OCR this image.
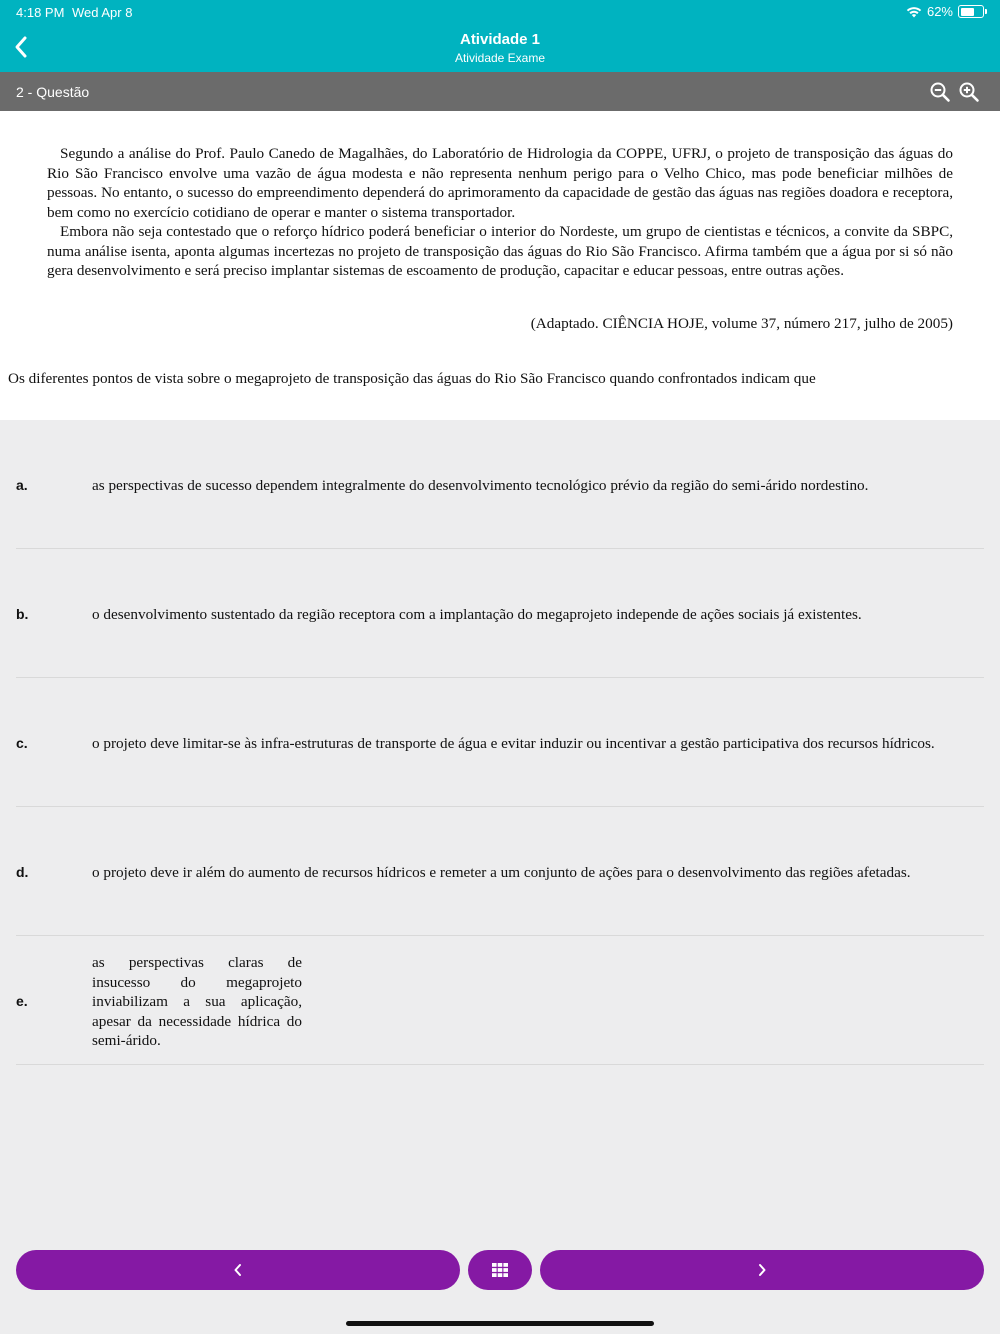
4:18 PM Wed Apr 8	62%
Atividade 1
Atividade Exame
2 - Questão

Segundo a análise do Prof. Paulo Canedo de Magalhães, do Laboratório de Hidrologia da COPPE, UFRJ, o projeto de transposição das águas do Rio São Francisco envolve uma vazão de água modesta e não representa nenhum perigo para o Velho Chico, mas pode beneficiar milhões de pessoas. No entanto, o sucesso do empreendimento dependerá do aprimoramento da capacidade de gestão das águas nas regiões doadora e receptora, bem como no exercício cotidiano de operar e manter o sistema transportador.

Embora não seja contestado que o reforço hídrico poderá beneficiar o interior do Nordeste, um grupo de cientistas e técnicos, a convite da SBPC, numa análise isenta, aponta algumas incertezas no projeto de transposição das águas do Rio São Francisco. Afirma também que a água por si só não gera desenvolvimento e será preciso implantar sistemas de escoamento de produção, capacitar e educar pessoas, entre outras ações.

(Adaptado. CIÊNCIA HOJE, volume 37, número 217, julho de 2005)
Os diferentes pontos de vista sobre o megaprojeto de transposição das águas do Rio São Francisco quando confrontados indicam que
a.	as perspectivas de sucesso dependem integralmente do desenvolvimento tecnológico prévio da região do semi-árido nordestino.
b.	o desenvolvimento sustentado da região receptora com a implantação do megaprojeto independe de ações sociais já existentes.
c.	o projeto deve limitar-se às infra-estruturas de transporte de água e evitar induzir ou incentivar a gestão participativa dos recursos hídricos.
d.	o projeto deve ir além do aumento de recursos hídricos e remeter a um conjunto de ações para o desenvolvimento das regiões afetadas.
e.
as perspectivas claras de insucesso do megaprojeto inviabilizam a sua aplicação, apesar da necessidade hídrica do semi-árido.
